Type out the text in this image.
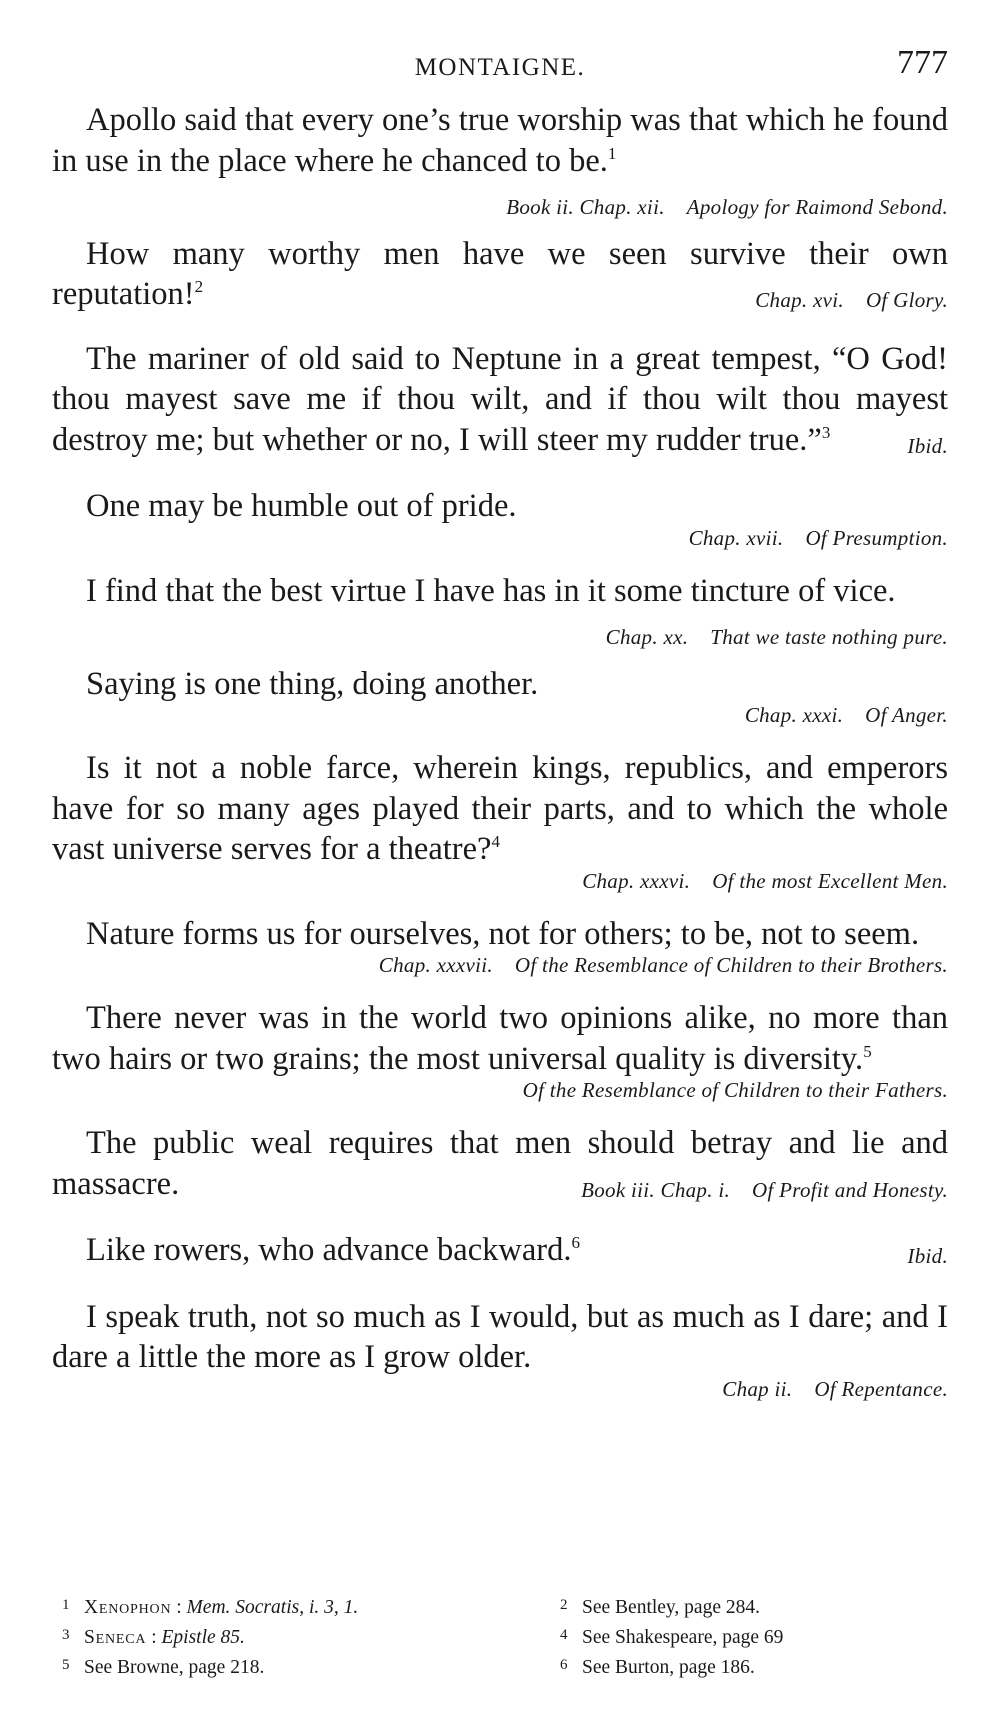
MONTAIGNE.	777
Apollo said that every one’s true worship was that which he found in use in the place where he chanced to be.$^1$
Book ii. Chap. xii. Apology for Raimond Sebond.
How many worthy men have we seen survive their own reputation!$^2$
Chap. xvi. Of Glory.
The mariner of old said to Neptune in a great tempest, “O God! thou mayest save me if thou wilt, and if thou wilt thou mayest destroy me; but whether or no, I will steer my rudder true.”$^3$
Ibid.
One may be humble out of pride.
Chap. xvii. Of Presumption.
I find that the best virtue I have has in it some tincture of vice.
Chap. xx. That we taste nothing pure.
Saying is one thing, doing another.
Chap. xxxi. Of Anger.
Is it not a noble farce, wherein kings, republics, and emperors have for so many ages played their parts, and to which the whole vast universe serves for a theatre?$^4$
Chap. xxxvi. Of the most Excellent Men.
Nature forms us for ourselves, not for others; to be, not to seem.
Chap. xxxvii. Of the Resemblance of Children to their Brothers.
There never was in the world two opinions alike, no more than two hairs or two grains; the most universal quality is diversity.$^5$
Of the Resemblance of Children to their Fathers.
The public weal requires that men should betray and lie and massacre.	Book iii. Chap. i. Of Profit and Honesty.
Like rowers, who advance backward.$^6$
Ibid.
I speak truth, not so much as I would, but as much as I dare; and I dare a little the more as I grow older.
Chap ii. Of Repentance.
1 Xenophon : Mem. Socratis, i. 3, 1.	2 See Bentley, page 284.
3 Seneca : Epistle 85.	4 See Shakespeare, page 69
5 See Browne, page 218.	6 See Burton, page 186.
